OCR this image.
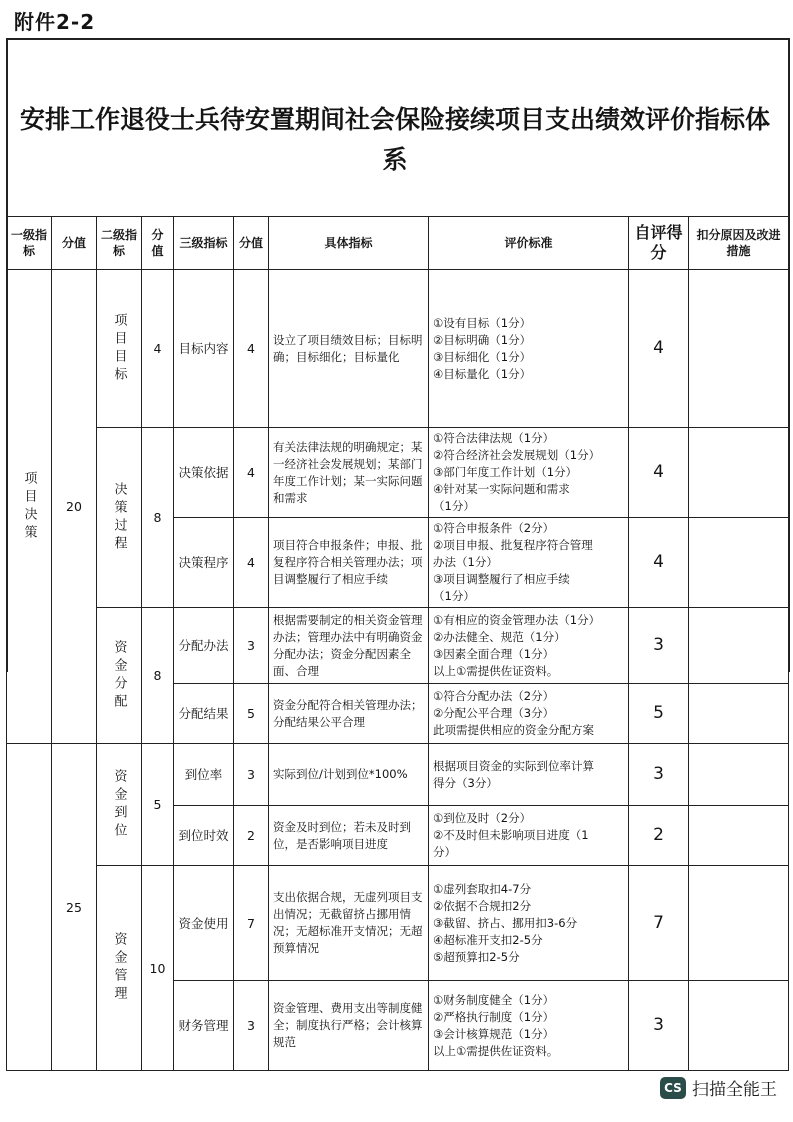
附件2-2
安排工作退役士兵待安置期间社会保险接续项目支出绩效评价指标体系
一级指标	分值	二级指标	分值	三级指标	分值	具体指标	评价标准	自评得分	扣分原因及改进措施
项目决策	20	项目目标	4	目标内容	4	设立了项目绩效目标；目标明确；目标细化；目标量化	①设有目标（1分）
②目标明确（1分）
③目标细化（1分）
④目标量化（1分）	4	
		决策过程	8	决策依据	4	有关法律法规的明确规定；某一经济社会发展规划；某部门年度工作计划；某一实际问题和需求	①符合法律法规（1分）
②符合经济社会发展规划（1分）
③部门年度工作计划（1分）
④针对某一实际问题和需求
（1分）	4	
				决策程序	4	项目符合申报条件；申报、批复程序符合相关管理办法；项目调整履行了相应手续	①符合申报条件（2分）
②项目申报、批复程序符合管理
办法（1分）
③项目调整履行了相应手续
（1分）	4	
		资金分配	8	分配办法	3	根据需要制定的相关资金管理办法；管理办法中有明确资金分配办法；资金分配因素全面、合理	①有相应的资金管理办法（1分）
②办法健全、规范（1分）
③因素全面合理（1分）
以上①需提供佐证资料。	3	
				分配结果	5	资金分配符合相关管理办法；分配结果公平合理	①符合分配办法（2分）
②分配公平合理（3分）
此项需提供相应的资金分配方案	5	
	25	资金到位	5	到位率	3	实际到位/计划到位*100%	根据项目资金的实际到位率计算
得分（3分）	3	
				到位时效	2	资金及时到位；若未及时到位，是否影响项目进度	①到位及时（2分）
②不及时但未影响项目进度（1
分）	2	
		资金管理	10	资金使用	7	支出依据合规，无虚列项目支出情况；无截留挤占挪用情况；无超标准开支情况；无超预算情况	①虚列套取扣4-7分
②依据不合规扣2分
③截留、挤占、挪用扣3-6分
④超标准开支扣2-5分
⑤超预算扣2-5分	7	
				财务管理	3	资金管理、费用支出等制度健全；制度执行严格；会计核算规范	①财务制度健全（1分）
②严格执行制度（1分）
③会计核算规范（1分）
以上①需提供佐证资料。	3	
CS 扫描全能王
